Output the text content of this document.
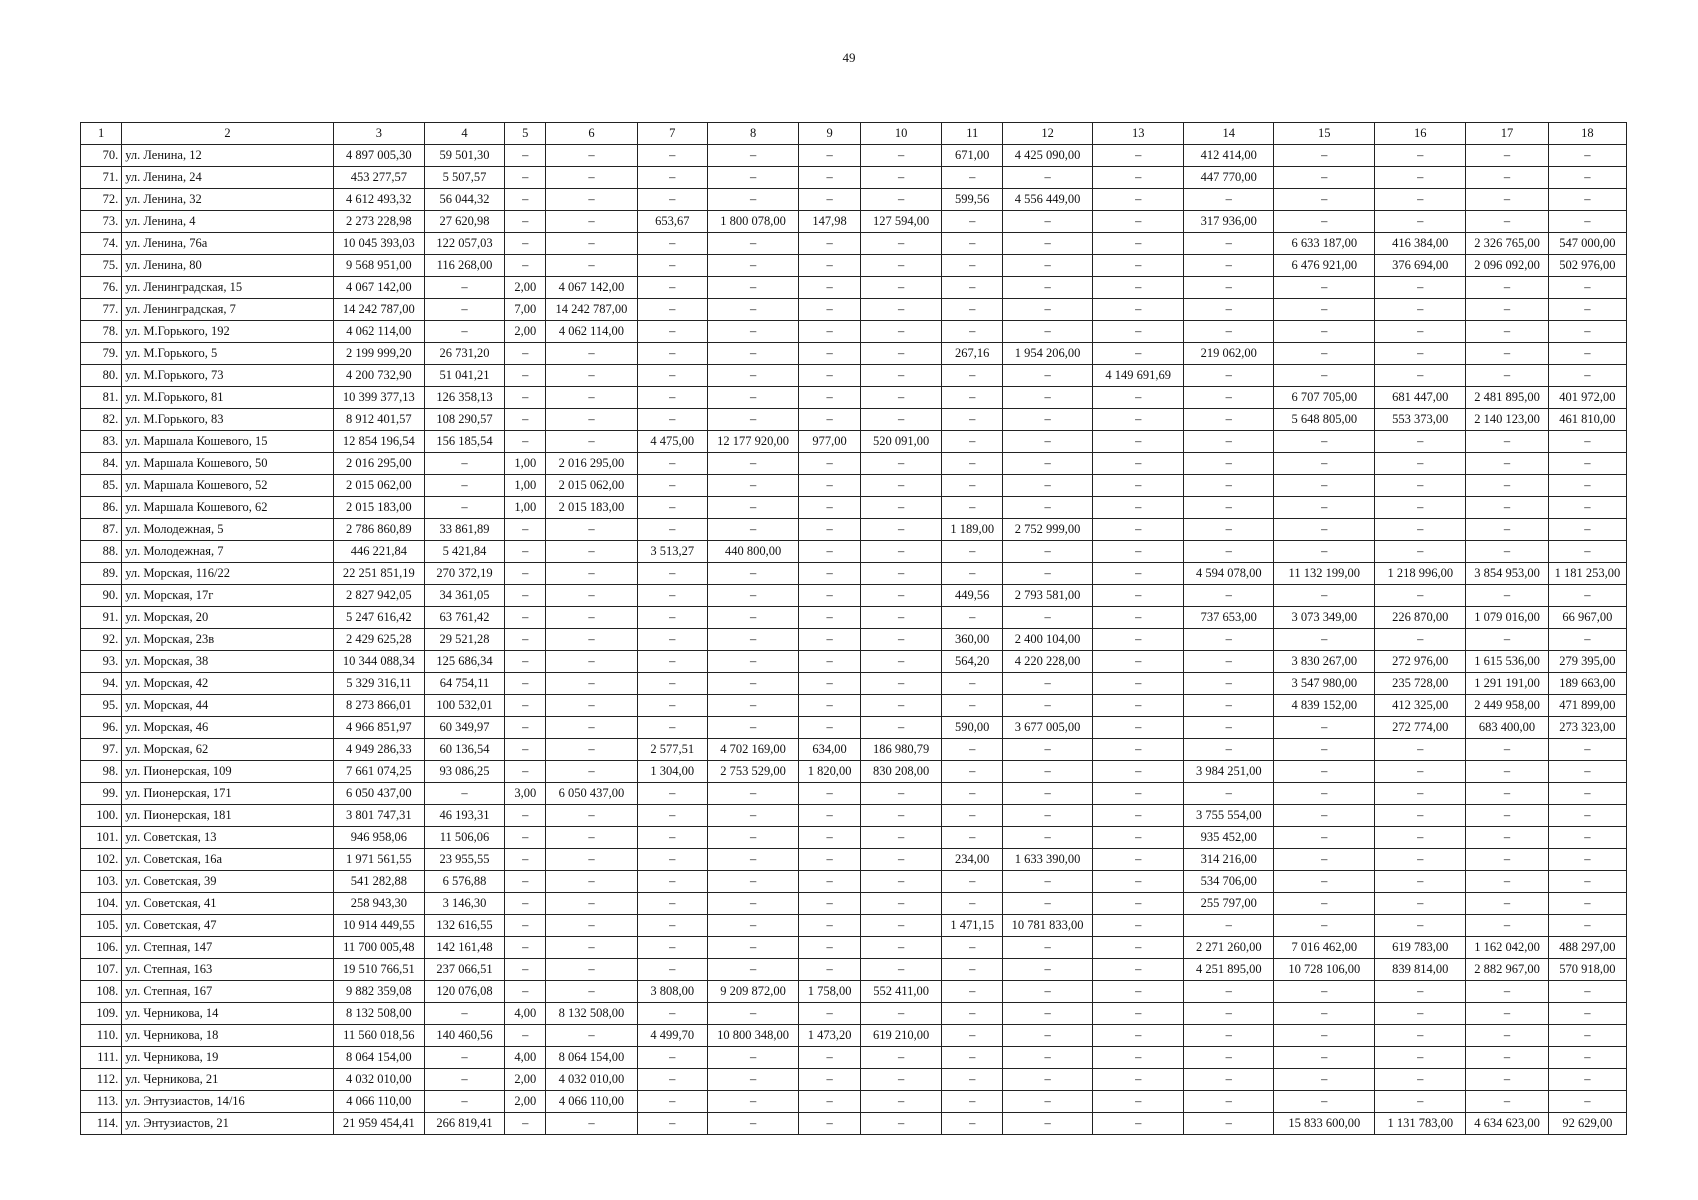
49
1	2	3	4	5	6	7	8	9	10	11	12	13	14	15	16	17	18
70.	ул. Ленина, 12	4 897 005,30	59 501,30	–	–	–	–	–	–	671,00	4 425 090,00	–	412 414,00	–	–	–	–
71.	ул. Ленина, 24	453 277,57	5 507,57	–	–	–	–	–	–	–	–	–	447 770,00	–	–	–	–
72.	ул. Ленина, 32	4 612 493,32	56 044,32	–	–	–	–	–	–	599,56	4 556 449,00	–	–	–	–	–	–
73.	ул. Ленина, 4	2 273 228,98	27 620,98	–	–	653,67	1 800 078,00	147,98	127 594,00	–	–	–	317 936,00	–	–	–	–
74.	ул. Ленина, 76а	10 045 393,03	122 057,03	–	–	–	–	–	–	–	–	–	–	6 633 187,00	416 384,00	2 326 765,00	547 000,00
75.	ул. Ленина, 80	9 568 951,00	116 268,00	–	–	–	–	–	–	–	–	–	–	6 476 921,00	376 694,00	2 096 092,00	502 976,00
76.	ул. Ленинградская, 15	4 067 142,00	–	2,00	4 067 142,00	–	–	–	–	–	–	–	–	–	–	–	–
77.	ул. Ленинградская, 7	14 242 787,00	–	7,00	14 242 787,00	–	–	–	–	–	–	–	–	–	–	–	–
78.	ул. М.Горького, 192	4 062 114,00	–	2,00	4 062 114,00	–	–	–	–	–	–	–	–	–	–	–	–
79.	ул. М.Горького, 5	2 199 999,20	26 731,20	–	–	–	–	–	–	267,16	1 954 206,00	–	219 062,00	–	–	–	–
80.	ул. М.Горького, 73	4 200 732,90	51 041,21	–	–	–	–	–	–	–	–	4 149 691,69	–	–	–	–	–
81.	ул. М.Горького, 81	10 399 377,13	126 358,13	–	–	–	–	–	–	–	–	–	–	6 707 705,00	681 447,00	2 481 895,00	401 972,00
82.	ул. М.Горького, 83	8 912 401,57	108 290,57	–	–	–	–	–	–	–	–	–	–	5 648 805,00	553 373,00	2 140 123,00	461 810,00
83.	ул. Маршала Кошевого, 15	12 854 196,54	156 185,54	–	–	4 475,00	12 177 920,00	977,00	520 091,00	–	–	–	–	–	–	–	–
84.	ул. Маршала Кошевого, 50	2 016 295,00	–	1,00	2 016 295,00	–	–	–	–	–	–	–	–	–	–	–	–
85.	ул. Маршала Кошевого, 52	2 015 062,00	–	1,00	2 015 062,00	–	–	–	–	–	–	–	–	–	–	–	–
86.	ул. Маршала Кошевого, 62	2 015 183,00	–	1,00	2 015 183,00	–	–	–	–	–	–	–	–	–	–	–	–
87.	ул. Молодежная, 5	2 786 860,89	33 861,89	–	–	–	–	–	–	1 189,00	2 752 999,00	–	–	–	–	–	–
88.	ул. Молодежная, 7	446 221,84	5 421,84	–	–	3 513,27	440 800,00	–	–	–	–	–	–	–	–	–	–
89.	ул. Морская, 116/22	22 251 851,19	270 372,19	–	–	–	–	–	–	–	–	–	4 594 078,00	11 132 199,00	1 218 996,00	3 854 953,00	1 181 253,00
90.	ул. Морская, 17г	2 827 942,05	34 361,05	–	–	–	–	–	–	449,56	2 793 581,00	–	–	–	–	–	–
91.	ул. Морская, 20	5 247 616,42	63 761,42	–	–	–	–	–	–	–	–	–	737 653,00	3 073 349,00	226 870,00	1 079 016,00	66 967,00
92.	ул. Морская, 23в	2 429 625,28	29 521,28	–	–	–	–	–	–	360,00	2 400 104,00	–	–	–	–	–	–
93.	ул. Морская, 38	10 344 088,34	125 686,34	–	–	–	–	–	–	564,20	4 220 228,00	–	–	3 830 267,00	272 976,00	1 615 536,00	279 395,00
94.	ул. Морская, 42	5 329 316,11	64 754,11	–	–	–	–	–	–	–	–	–	–	3 547 980,00	235 728,00	1 291 191,00	189 663,00
95.	ул. Морская, 44	8 273 866,01	100 532,01	–	–	–	–	–	–	–	–	–	–	4 839 152,00	412 325,00	2 449 958,00	471 899,00
96.	ул. Морская, 46	4 966 851,97	60 349,97	–	–	–	–	–	–	590,00	3 677 005,00	–	–	–	272 774,00	683 400,00	273 323,00
97.	ул. Морская, 62	4 949 286,33	60 136,54	–	–	2 577,51	4 702 169,00	634,00	186 980,79	–	–	–	–	–	–	–	–
98.	ул. Пионерская, 109	7 661 074,25	93 086,25	–	–	1 304,00	2 753 529,00	1 820,00	830 208,00	–	–	–	3 984 251,00	–	–	–	–
99.	ул. Пионерская, 171	6 050 437,00	–	3,00	6 050 437,00	–	–	–	–	–	–	–	–	–	–	–	–
100.	ул. Пионерская, 181	3 801 747,31	46 193,31	–	–	–	–	–	–	–	–	–	3 755 554,00	–	–	–	–
101.	ул. Советская, 13	946 958,06	11 506,06	–	–	–	–	–	–	–	–	–	935 452,00	–	–	–	–
102.	ул. Советская, 16а	1 971 561,55	23 955,55	–	–	–	–	–	–	234,00	1 633 390,00	–	314 216,00	–	–	–	–
103.	ул. Советская, 39	541 282,88	6 576,88	–	–	–	–	–	–	–	–	–	534 706,00	–	–	–	–
104.	ул. Советская, 41	258 943,30	3 146,30	–	–	–	–	–	–	–	–	–	255 797,00	–	–	–	–
105.	ул. Советская, 47	10 914 449,55	132 616,55	–	–	–	–	–	–	1 471,15	10 781 833,00	–	–	–	–	–	–
106.	ул. Степная, 147	11 700 005,48	142 161,48	–	–	–	–	–	–	–	–	–	2 271 260,00	7 016 462,00	619 783,00	1 162 042,00	488 297,00
107.	ул. Степная, 163	19 510 766,51	237 066,51	–	–	–	–	–	–	–	–	–	4 251 895,00	10 728 106,00	839 814,00	2 882 967,00	570 918,00
108.	ул. Степная, 167	9 882 359,08	120 076,08	–	–	3 808,00	9 209 872,00	1 758,00	552 411,00	–	–	–	–	–	–	–	–
109.	ул. Черникова, 14	8 132 508,00	–	4,00	8 132 508,00	–	–	–	–	–	–	–	–	–	–	–	–
110.	ул. Черникова, 18	11 560 018,56	140 460,56	–	–	4 499,70	10 800 348,00	1 473,20	619 210,00	–	–	–	–	–	–	–	–
111.	ул. Черникова, 19	8 064 154,00	–	4,00	8 064 154,00	–	–	–	–	–	–	–	–	–	–	–	–
112.	ул. Черникова, 21	4 032 010,00	–	2,00	4 032 010,00	–	–	–	–	–	–	–	–	–	–	–	–
113.	ул. Энтузиастов, 14/16	4 066 110,00	–	2,00	4 066 110,00	–	–	–	–	–	–	–	–	–	–	–	–
114.	ул. Энтузиастов, 21	21 959 454,41	266 819,41	–	–	–	–	–	–	–	–	–	–	15 833 600,00	1 131 783,00	4 634 623,00	92 629,00
